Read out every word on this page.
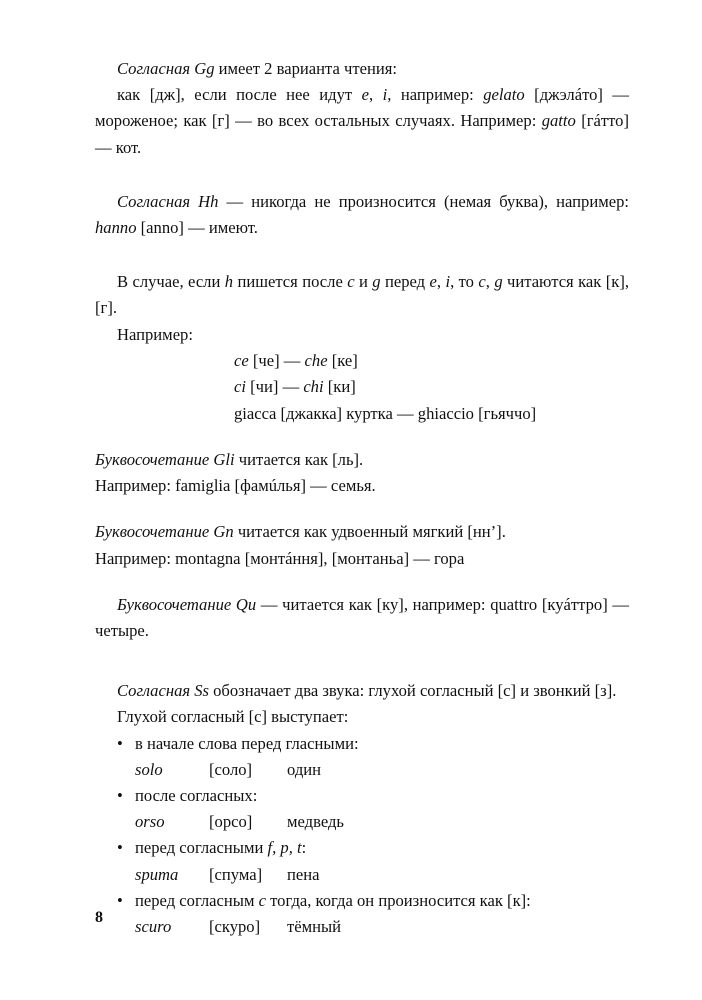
Согласная Gg имеет 2 варианта чтения:

как [дж], если после нее идут e, i, например: gelato [джэлáто] — мороженое; как [г] — во всех остальных случаях. Например: gatto [гáтто] — кот.

Согласная Hh — никогда не произносится (немая буква), например: hanno [anno] — имеют.

В случае, если h пишется после c и g перед e, i, то c, g читаются как [к], [г].

Например:

ce [че] — che [ке]
ci [чи] — chi [ки]
giacca [джакка] куртка — ghiaccio [гьяччо]

Буквосочетание Gli читается как [ль].

Например: famiglia [фамúлья] — семья.

Буквосочетание Gn читается как удвоенный мягкий [нн’].

Например: montagna [монтáння], [монтаньа] — гора

Буквосочетание Qu — читается как [ку], например: quattro [куáттро] — четыре.

Согласная Ss обозначает два звука: глухой согласный [с] и звонкий [з].

Глухой согласный [с] выступает:

• в начале слова перед гласными:
solo	[соло] один
• после согласных:
orso	[орсо] медведь
• перед согласными f, p, t:
spuma [спума] пена
• перед согласным c тогда, когда он произносится как [к]:
scuro [скуро] тёмный
8
